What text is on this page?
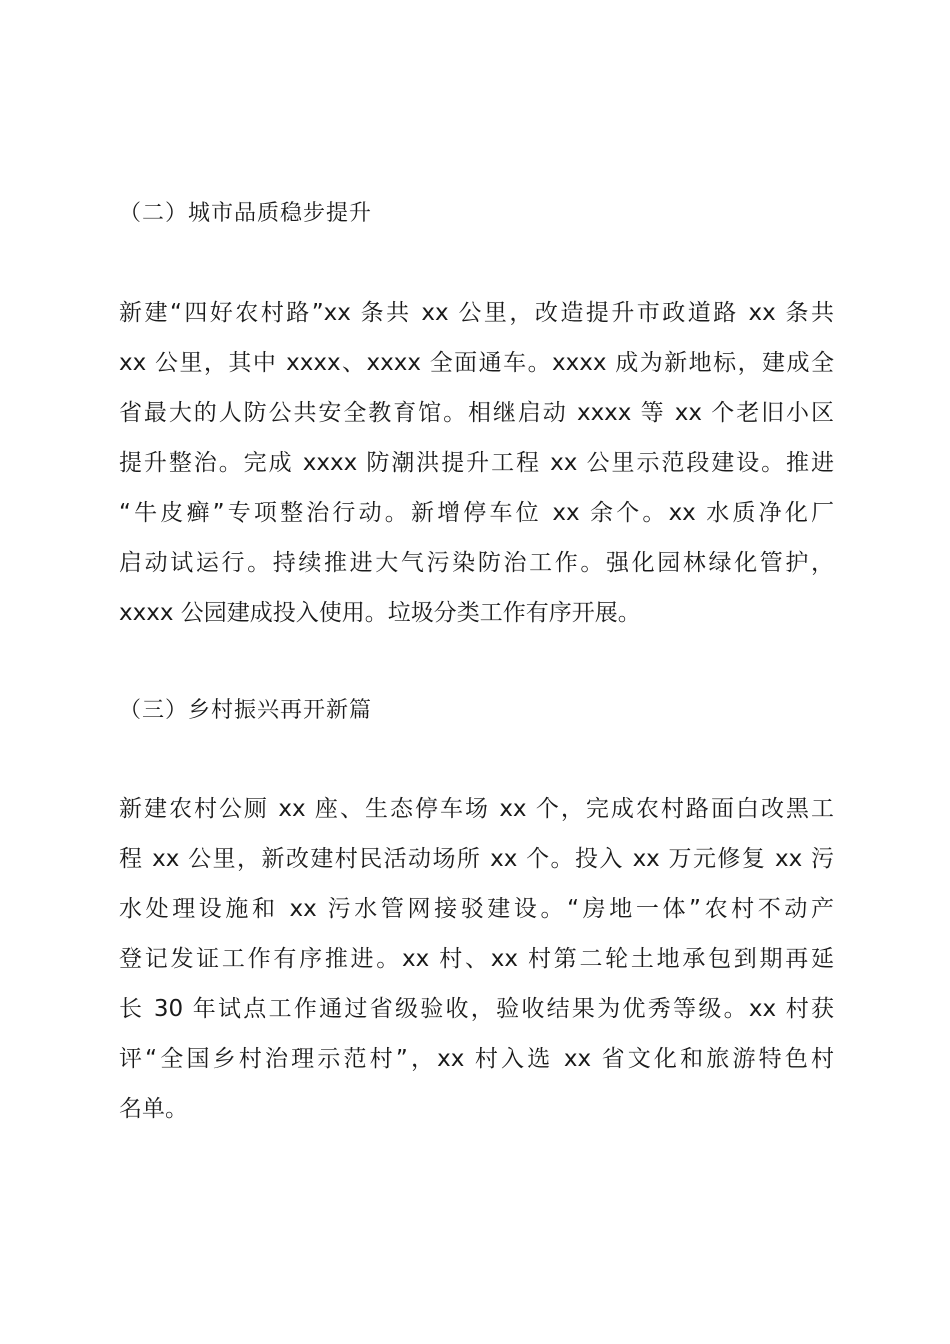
（二）城市品质稳步提升
新建“四好农村路”xx 条共 xx 公里，改造提升市政道路 xx 条共
xx 公里，其中 xxxx、xxxx 全面通车。xxxx 成为新地标，建成全
省最大的人防公共安全教育馆。相继启动 xxxx 等 xx 个老旧小区
提升整治。完成 xxxx 防潮洪提升工程 xx 公里示范段建设。推进
“牛皮癣”专项整治行动。新增停车位 xx 余个。xx 水质净化厂
启动试运行。持续推进大气污染防治工作。强化园林绿化管护，
xxxx 公园建成投入使用。垃圾分类工作有序开展。
（三）乡村振兴再开新篇
新建农村公厕 xx 座、生态停车场 xx 个，完成农村路面白改黑工
程 xx 公里，新改建村民活动场所 xx 个。投入 xx 万元修复 xx 污
水处理设施和 xx 污水管网接驳建设。“房地一体”农村不动产
登记发证工作有序推进。xx 村、xx 村第二轮土地承包到期再延
长 30 年试点工作通过省级验收，验收结果为优秀等级。xx 村获
评“全国乡村治理示范村”，xx 村入选 xx 省文化和旅游特色村
名单。
